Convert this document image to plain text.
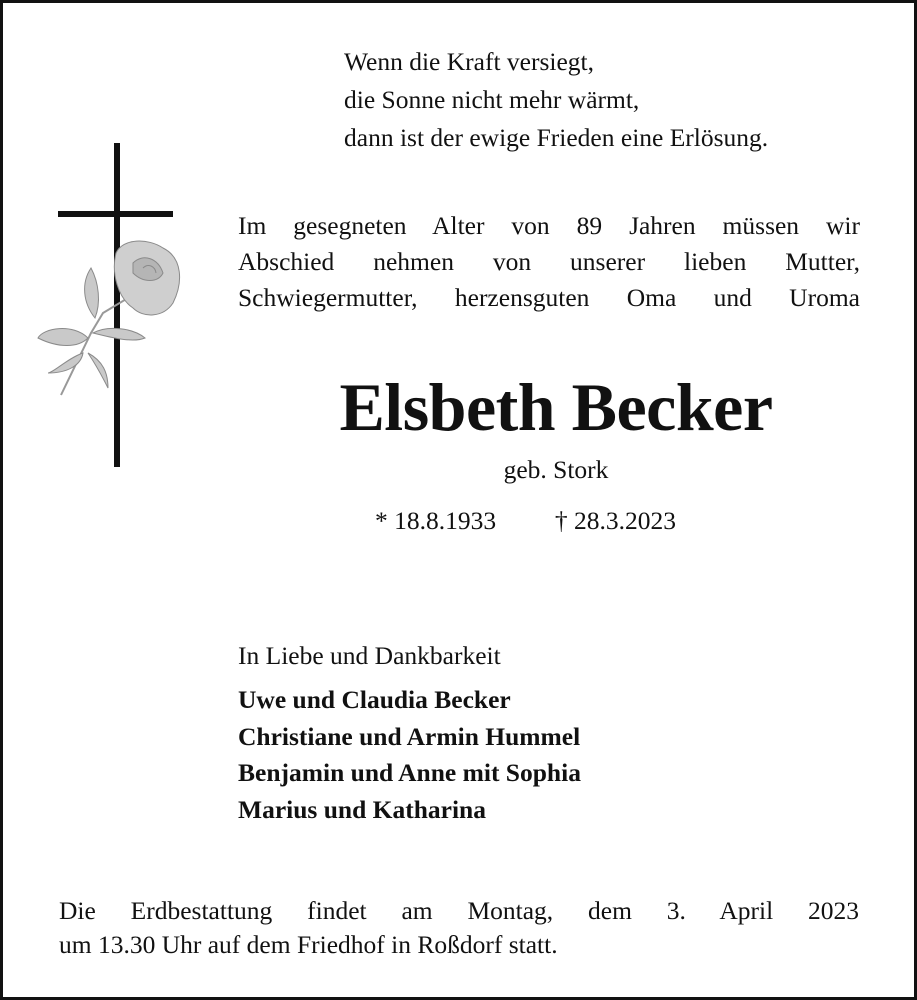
Wenn die Kraft versiegt,
die Sonne nicht mehr wärmt,
dann ist der ewige Frieden eine Erlösung.
Im gesegneten Alter von 89 Jahren müssen wir
Abschied nehmen von unserer lieben Mutter,
Schwiegermutter, herzensguten Oma und Uroma
Elsbeth Becker
geb. Stork
* 18.8.1933 † 28.3.2023
In Liebe und Dankbarkeit
Uwe und Claudia Becker
Christiane und Armin Hummel
Benjamin und Anne mit Sophia
Marius und Katharina
Die Erdbestattung findet am Montag, dem 3. April 2023
um 13.30 Uhr auf dem Friedhof in Roßdorf statt.
